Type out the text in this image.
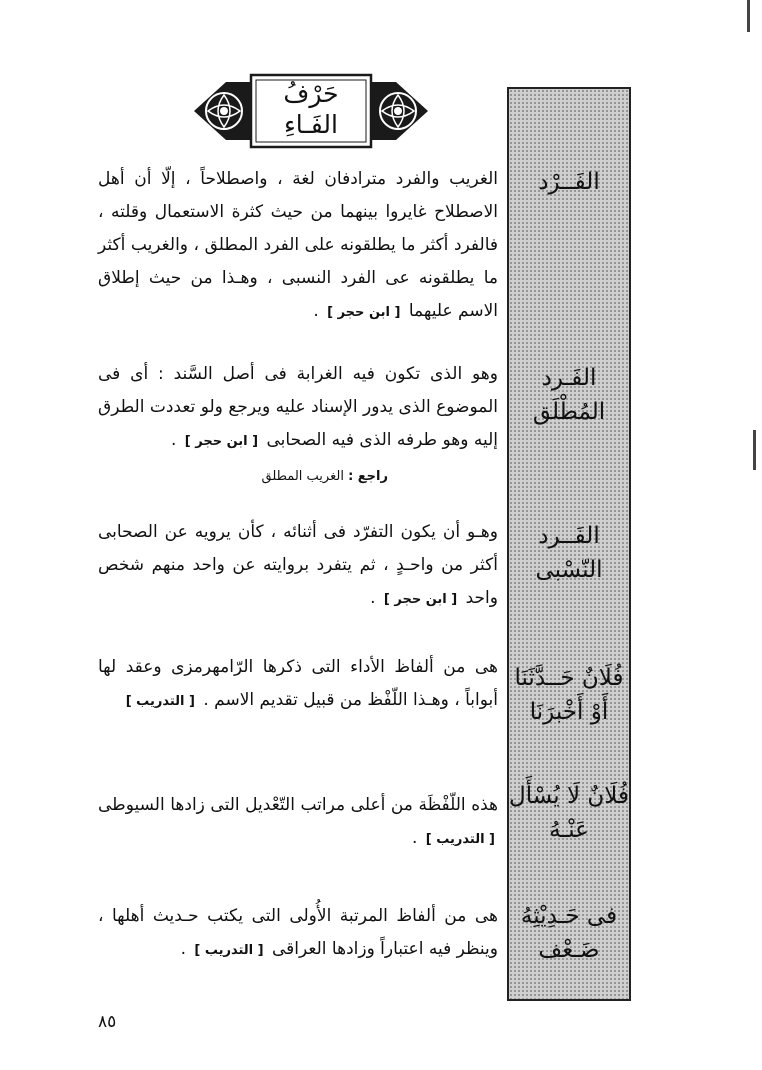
حَرْفُ
الفَـاءِ
الفَــرْد
الفَـرد المُطْلَق
الفَــرد النّسْبى
فُلَانٌ حَــدَّثَنَا
أَوْ أَخْبرَنَا
فُلَانٌ لَا يُسْأَل
عَنْـهُ
فى حَـدِيْثِهُ
ضَـعْف
الغريب والفرد مترادفان لغة ، واصطلاحاً ، إلّا أن أهل الاصطلاح غايروا بينهما من حيث كثرة الاستعمال وقلته ، فالفرد أكثر ما يطلقونه على الفرد المطلق ، والغريب أكثر ما يطلقونه عى الفرد النسبى ، وهـذا من حيث إطلاق الاسم عليهما [ ابن حجر ] .
وهو الذى تكون فيه الغرابة فى أصل السَّند : أى فى الموضوع الذى يدور الإسناد عليه ويرجع ولو تعددت الطرق إليه وهو طرفه الذى فيه الصحابى [ ابن حجر ] .
راجع : الغريب المطلق
وهـو أن يكون التفرّد فى أثنائه ، كأن يرويه عن الصحابى أكثر من واحـدٍ ، ثم يتفرد بروايته عن واحد منهم شخص واحد [ ابن حجر ] .
هى من ألفاظ الأداء التى ذكرها الرّامهرمزى وعقد لها أبواباً ، وهـذا اللّفْظ من قبيل تقديم الاسم . [ التدريب ]
هذه اللّفْظَة من أعلى مراتب التّعْديل التى زادها السيوطى [ التدريب ] .
هى من ألفاظ المرتبة الأُولى التى يكتب حـديث أهلها ، وينظر فيه اعتباراً وزادها العراقى [ التدريب ] .
٨٥
